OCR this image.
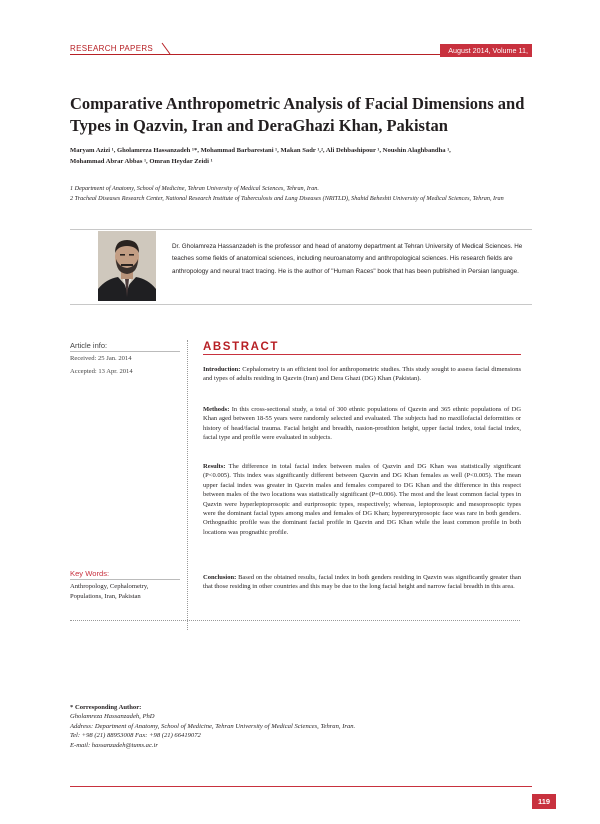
RESEARCH PAPERS	August 2014, Volume 11, Number 3
Comparative Anthropometric Analysis of Facial Dimensions and Types in Qazvin, Iran and DeraGhazi Khan, Pakistan
Maryam Azizi ¹, Gholamreza Hassanzadeh ¹*, Mohammad Barbarestani ¹, Makan Sadr ¹,², Ali Dehbashipour ¹, Noushin Alaghbandha ¹,
Mohammad Abrar Abbas ¹, Omran Heydar Zeidi ¹
1 Department of Anatomy, School of Medicine, Tehran University of Medical Sciences, Tehran, Iran.
2 Tracheal Diseases Research Center, National Research Institute of Tuberculosis and Lung Diseases (NRITLD), Shahid Beheshti University of Medical Sciences, Tehran, Iran
Dr. Gholamreza Hassanzadeh is the professor and head of anatomy department at Tehran University of Medical Sciences. He teaches some fields of anatomical sciences, including neuroanatomy and anthropological sciences. His research fields are anthropology and neural tract tracing. He is the author of "Human Races" book that has been published in Persian language.
Article info:
Received: 25 Jan. 2014
Accepted: 13 Apr. 2014
ABSTRACT
Introduction: Cephalometry is an efficient tool for anthropometric studies. This study sought to assess facial dimensions and types of adults residing in Qazvin (Iran) and Dera Ghazi (DG) Khan (Pakistan).
Methods: In this cross-sectional study, a total of 300 ethnic populations of Qazvin and 365 ethnic populations of DG Khan aged between 18-55 years were randomly selected and evaluated. The subjects had no maxillofacial deformities or history of head/facial trauma. Facial height and breadth, nasion-prosthion height, upper facial index, total facial index, facial type and profile were evaluated in subjects.
Results: The difference in total facial index between males of Qazvin and DG Khan was statistically significant (P<0.005). This index was significantly different between Qazvin and DG Khan females as well (P<0.005). The mean upper facial index was greater in Qazvin males and females compared to DG Khan and the difference in this respect between males of the two locations was statistically significant (P=0.006). The most and the least common facial types in Qazvin were hyperleptoprosopic and euriprosopic types, respectively; whereas, leptoprosopic and mesoprosopic types were the dominant facial types among males and females of DG Khan; hypereuryprosopic face was rare in both genders. Orthognathic profile was the dominant facial profile in Qazvin and DG Khan while the least common profile in both locations was prognathic profile.
Conclusion: Based on the obtained results, facial index in both genders residing in Qazvin was significantly greater than that those residing in other countries and this may be due to the long facial height and narrow facial breadth in this area.
Key Words:
Anthropology, Cephalometry, Populations, Iran, Pakistan
* Corresponding Author:
Gholamreza Hassanzadeh, PhD
Address: Department of Anatomy, School of Medicine, Tehran University of Medical Sciences, Tehran, Iran.
Tel: +98 (21) 88953008 Fax: +98 (21) 66419072
E-mail: hassanzadeh@tums.ac.ir
119
